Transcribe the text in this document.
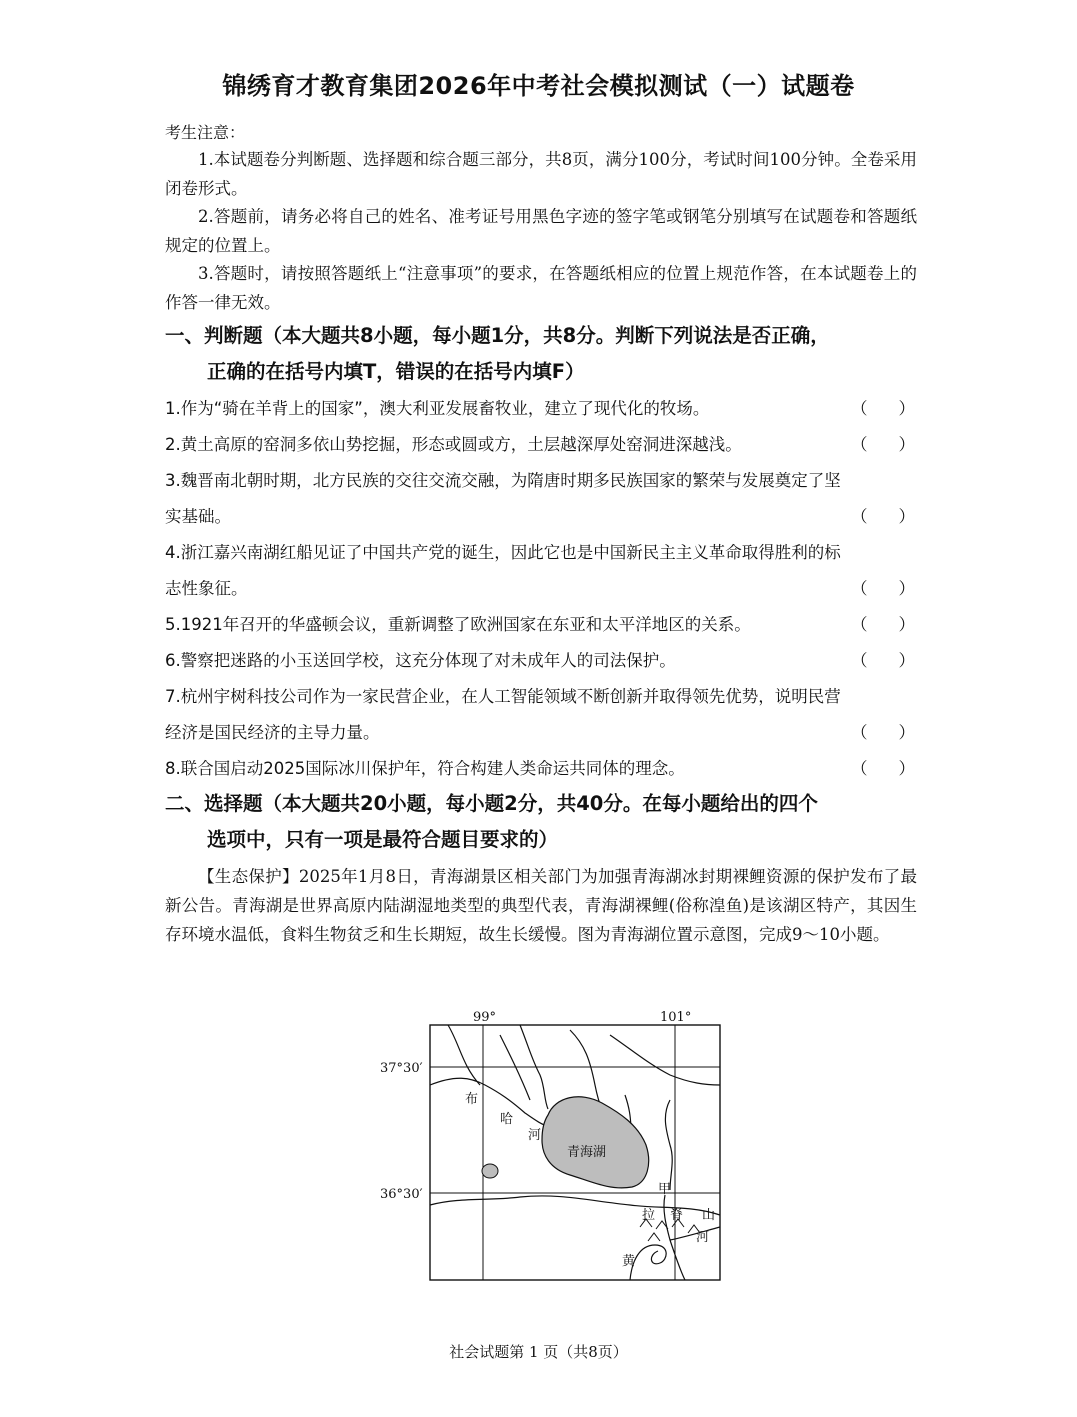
锦绣育才教育集团2026年中考社会模拟测试（一）试题卷
考生注意：
1.本试题卷分判断题、选择题和综合题三部分，共8页，满分100分，考试时间100分钟。全卷采用闭卷形式。
2.答题前，请务必将自己的姓名、准考证号用黑色字迹的签字笔或钢笔分别填写在试题卷和答题纸规定的位置上。
3.答题时，请按照答题纸上“注意事项”的要求，在答题纸相应的位置上规范作答，在本试题卷上的作答一律无效。
一、判断题（本大题共8小题，每小题1分，共8分。判断下列说法是否正确，
正确的在括号内填T，错误的在括号内填F）
1.作为“骑在羊背上的国家”，澳大利亚发展畜牧业，建立了现代化的牧场。	（ ）
2.黄土高原的窑洞多依山势挖掘，形态或圆或方，土层越深厚处窑洞进深越浅。	（ ）
3.魏晋南北朝时期，北方民族的交往交流交融，为隋唐时期多民族国家的繁荣与发展奠定了坚实基础。	（ ）
4.浙江嘉兴南湖红船见证了中国共产党的诞生，因此它也是中国新民主主义革命取得胜利的标志性象征。	（ ）
5.1921年召开的华盛顿会议，重新调整了欧洲国家在东亚和太平洋地区的关系。	（ ）
6.警察把迷路的小玉送回学校，这充分体现了对未成年人的司法保护。	（ ）
7.杭州宇树科技公司作为一家民营企业，在人工智能领域不断创新并取得领先优势，说明民营经济是国民经济的主导力量。	（ ）
8.联合国启动2025国际冰川保护年，符合构建人类命运共同体的理念。	（ ）
二、选择题（本大题共20小题，每小题2分，共40分。在每小题给出的四个
选项中，只有一项是最符合题目要求的）
【生态保护】2025年1月8日，青海湖景区相关部门为加强青海湖冰封期裸鲤资源的保护发布了最新公告。青海湖是世界高原内陆湖湿地类型的典型代表，青海湖裸鲤(俗称湟鱼)是该湖区特产，其因生存环境水温低，食料生物贫乏和生长期短，故生长缓慢。图为青海湖位置示意图，完成9～10小题。
99°	101°
37°30′
36°30′
青海湖
布
哈
河
甲
拉 脊 山
黄
河
社会试题第 1 页（共8页）
